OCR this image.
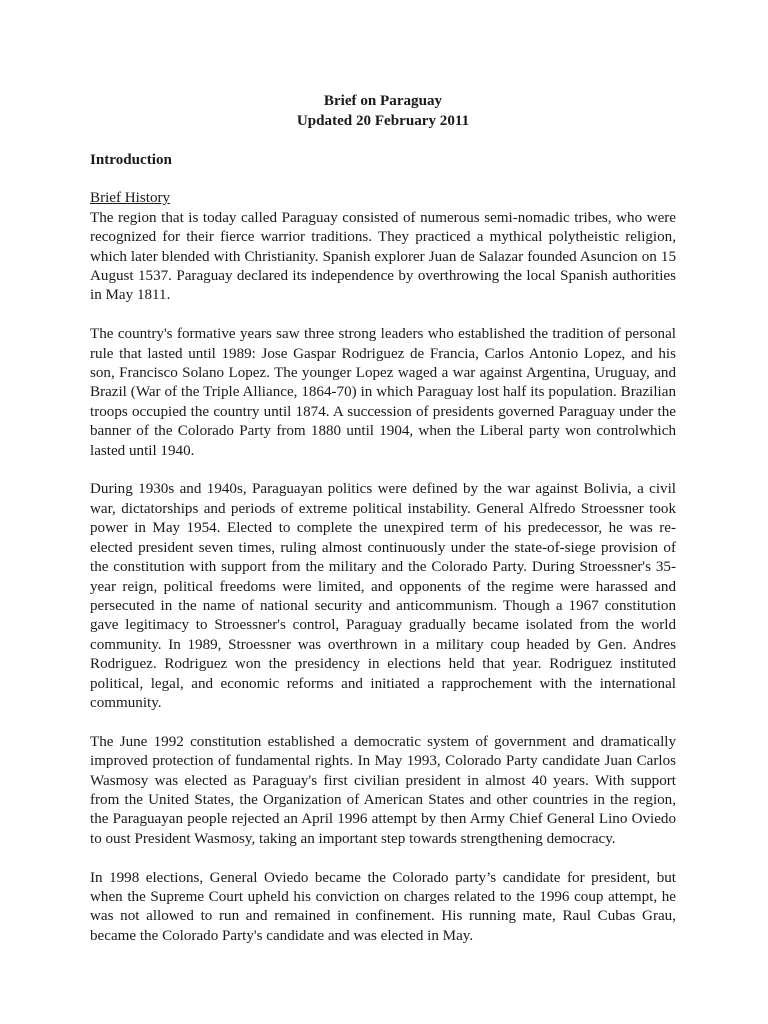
Brief on Paraguay
Updated 20 February 2011
Introduction
Brief History

The region that is today called Paraguay consisted of numerous semi-nomadic tribes, who were recognized for their fierce warrior traditions. They practiced a mythical polytheistic religion, which later blended with Christianity. Spanish explorer Juan de Salazar founded Asuncion on 15 August 1537. Paraguay declared its independence by overthrowing the local Spanish authorities in May 1811.

The country's formative years saw three strong leaders who established the tradition of personal rule that lasted until 1989: Jose Gaspar Rodriguez de Francia, Carlos Antonio Lopez, and his son, Francisco Solano Lopez. The younger Lopez waged a war against Argentina, Uruguay, and Brazil (War of the Triple Alliance, 1864-70) in which Paraguay lost half its population. Brazilian troops occupied the country until 1874. A succession of presidents governed Paraguay under the banner of the Colorado Party from 1880 until 1904, when the Liberal party won controlwhich lasted until 1940.

During 1930s and 1940s, Paraguayan politics were defined by the war against Bolivia, a civil war, dictatorships and periods of extreme political instability. General Alfredo Stroessner took power in May 1954. Elected to complete the unexpired term of his predecessor, he was re-elected president seven times, ruling almost continuously under the state-of-siege provision of the constitution with support from the military and the Colorado Party. During Stroessner's 35-year reign, political freedoms were limited, and opponents of the regime were harassed and persecuted in the name of national security and anticommunism. Though a 1967 constitution gave legitimacy to Stroessner's control, Paraguay gradually became isolated from the world community. In 1989, Stroessner was overthrown in a military coup headed by Gen. Andres Rodriguez. Rodriguez won the presidency in elections held that year. Rodriguez instituted political, legal, and economic reforms and initiated a rapprochement with the international community.

The June 1992 constitution established a democratic system of government and dramatically improved protection of fundamental rights. In May 1993, Colorado Party candidate Juan Carlos Wasmosy was elected as Paraguay's first civilian president in almost 40 years. With support from the United States, the Organization of American States and other countries in the region, the Paraguayan people rejected an April 1996 attempt by then Army Chief General Lino Oviedo to oust President Wasmosy, taking an important step towards strengthening democracy.

In 1998 elections, General Oviedo became the Colorado party’s candidate for president, but when the Supreme Court upheld his conviction on charges related to the 1996 coup attempt, he was not allowed to run and remained in confinement. His running mate, Raul Cubas Grau, became the Colorado Party's candidate and was elected in May.
